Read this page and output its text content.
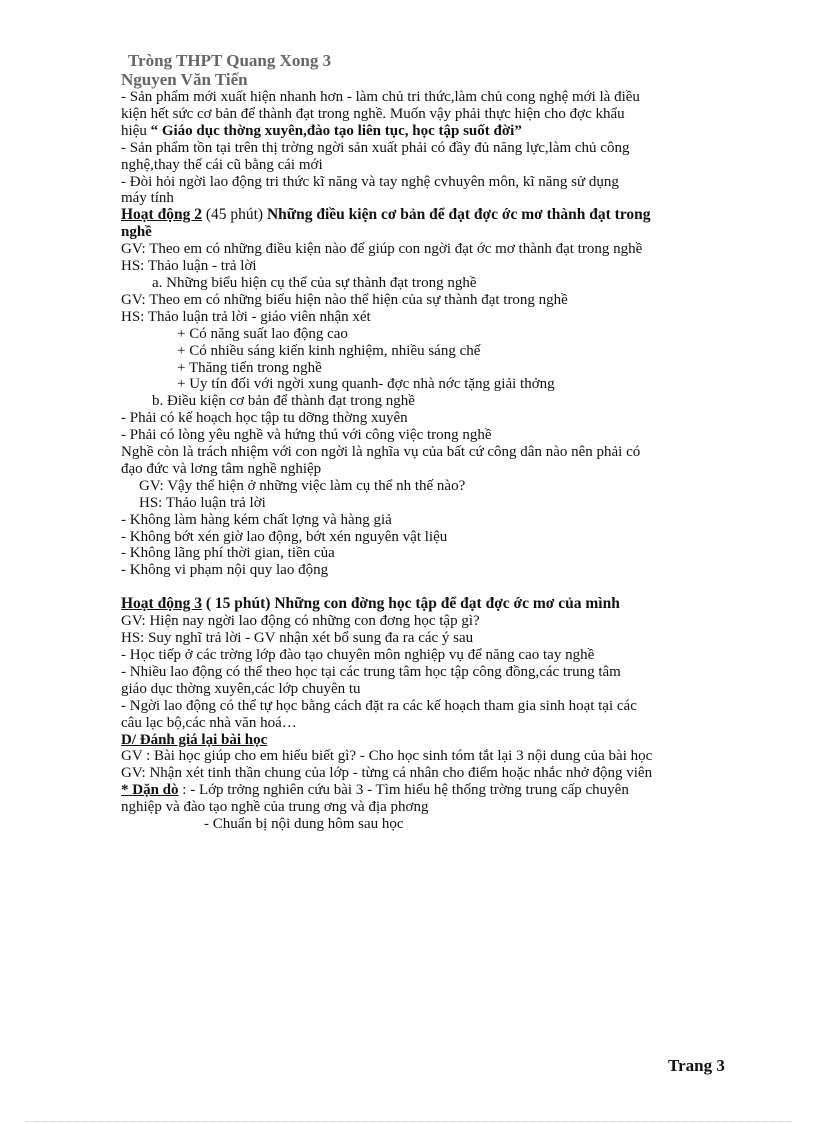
Tròng THPT Quang Xong 3
Nguyen Văn Tiến

- Sản phẩm mới xuất hiện nhanh hơn - làm chủ tri thức,làm chủ cong nghệ mới là điều

kiện hết sức cơ bản để thành đạt trong nghề. Muốn vậy phải thực hiện cho đợc khẩu

hiệu “ Giáo dục thờng xuyên,đào tạo liên tục, học tập suốt đời”

- Sản phẩm tồn tại trên thị trờng ngời sản xuất phải có đầy đủ năng lực,làm chủ công

nghệ,thay thế cái cũ bằng cái mới

- Đòi hỏi ngời lao động tri thức kĩ năng và tay nghệ cvhuyên môn, kĩ năng sử dụng

máy tính

Hoạt động 2 (45 phút) Những điều kiện cơ bản để đạt đợc ớc mơ thành đạt trong

nghề

GV: Theo em có những điều kiện nào để giúp con ngời đạt ớc mơ thành đạt trong nghề

HS: Thảo luận - trả lời

a. Những biểu hiện cụ thể của sự thành đạt trong nghề

GV: Theo em có những biểu hiện nào thể hiện của sự thành đạt trong nghề

HS: Thảo luận trả lời - giáo viên nhận xét

+ Có năng suất lao động cao

+ Có nhiều sáng kiến kinh nghiệm, nhiều sáng chế

+ Thăng tiến trong nghề

+ Uy tín đối với ngời xung quanh- đợc nhà nớc tặng giải thởng

b. Điều kiện cơ bản để thành đạt trong nghề

- Phải có kế hoạch học tập tu dỡng thờng xuyên

- Phải có lòng yêu nghề và hứng thú với công việc trong nghề

Nghề còn là trách nhiệm với con ngời là nghĩa vụ của bất cứ công dân nào nên phải có

đạo đức và lơng tâm nghề nghiệp

GV: Vậy thể hiện ở những việc làm cụ thể nh thế nào?

HS: Thảo luận trả lời

- Không làm hàng kém chất lợng và hàng giả

- Không bớt xén giờ lao động, bớt xén nguyên vật liệu

- Không lãng phí thời gian, tiền của

- Không vi phạm nội quy lao động

Hoạt động 3 ( 15 phút) Những con đờng học tập để đạt đợc ớc mơ của mình

GV: Hiện nay ngời lao động có những con đơng học tập gì?

HS: Suy nghĩ trả lời - GV nhận xét bổ sung đa ra các ý sau

- Học tiếp ở các trờng lớp đào tạo chuyên môn nghiệp vụ để năng cao tay nghề

- Nhiều lao động có thể theo học tại các trung tâm học tập công đồng,các trung tâm

giáo dục thờng xuyên,các lớp chuyên tu

- Ngời lao động có thể tự học bằng cách đặt ra các kế hoạch tham gia sinh hoạt tại các

câu lạc bộ,các nhà văn hoá…

D/ Đánh giá lại bài học

GV : Bài học giúp cho em hiểu biết gì? - Cho học sinh tóm tắt lại 3 nội dung của bài học

GV: Nhận xét tinh thần chung của lớp - từng cá nhân cho điểm hoặc nhắc nhở động viên

* Dặn dò : - Lớp trởng nghiên cứu bài 3 - Tìm hiểu hệ thống trờng trung cấp chuyên

nghiệp và đào tạo nghề của trung ơng và địa phơng

- Chuẩn bị nội dung hôm sau học

Trang 3
